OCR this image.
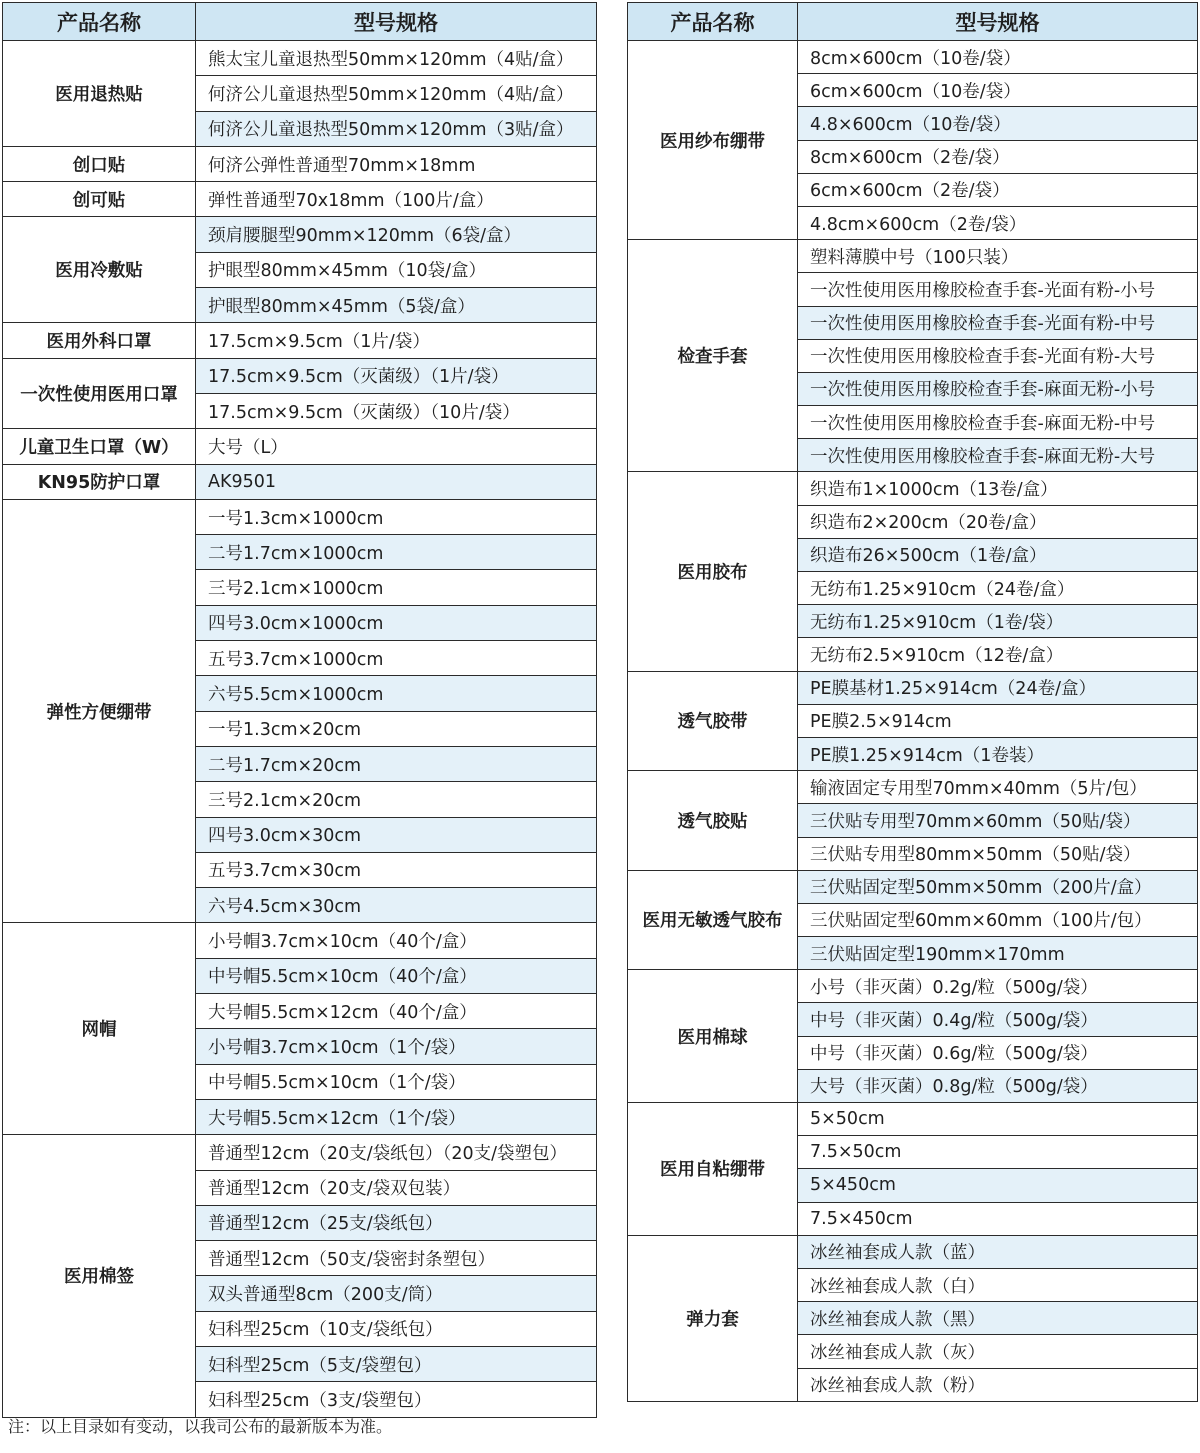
产品名称	型号规格
医用退热贴	熊太宝儿童退热型50mm×120mm（4贴/盒）
	何济公儿童退热型50mm×120mm（4贴/盒）
	何济公儿童退热型50mm×120mm（3贴/盒）
创口贴	何济公弹性普通型70mm×18mm
创可贴	弹性普通型70x18mm（100片/盒）
医用冷敷贴	颈肩腰腿型90mm×120mm（6袋/盒）
	护眼型80mm×45mm（10袋/盒）
	护眼型80mm×45mm（5袋/盒）
医用外科口罩	17.5cm×9.5cm（1片/袋）
一次性使用医用口罩	17.5cm×9.5cm（灭菌级）（1片/袋）
	17.5cm×9.5cm（灭菌级）（10片/袋）
儿童卫生口罩（W）	大号（L）
KN95防护口罩	AK9501
弹性方便绷带	一号1.3cm×1000cm
	二号1.7cm×1000cm
	三号2.1cm×1000cm
	四号3.0cm×1000cm
	五号3.7cm×1000cm
	六号5.5cm×1000cm
	一号1.3cm×20cm
	二号1.7cm×20cm
	三号2.1cm×20cm
	四号3.0cm×30cm
	五号3.7cm×30cm
	六号4.5cm×30cm
网帽	小号帽3.7cm×10cm（40个/盒）
	中号帽5.5cm×10cm（40个/盒）
	大号帽5.5cm×12cm（40个/盒）
	小号帽3.7cm×10cm（1个/袋）
	中号帽5.5cm×10cm（1个/袋）
	大号帽5.5cm×12cm（1个/袋）
医用棉签	普通型12cm（20支/袋纸包）（20支/袋塑包）
	普通型12cm（20支/袋双包装）
	普通型12cm（25支/袋纸包）
	普通型12cm（50支/袋密封条塑包）
	双头普通型8cm（200支/筒）
	妇科型25cm（10支/袋纸包）
	妇科型25cm（5支/袋塑包）
	妇科型25cm（3支/袋塑包）
产品名称	型号规格
医用纱布绷带	8cm×600cm（10卷/袋）
	6cm×600cm（10卷/袋）
	4.8×600cm（10卷/袋）
	8cm×600cm（2卷/袋）
	6cm×600cm（2卷/袋）
	4.8cm×600cm（2卷/袋）
检查手套	塑料薄膜中号（100只装）
	一次性使用医用橡胶检查手套-光面有粉-小号
	一次性使用医用橡胶检查手套-光面有粉-中号
	一次性使用医用橡胶检查手套-光面有粉-大号
	一次性使用医用橡胶检查手套-麻面无粉-小号
	一次性使用医用橡胶检查手套-麻面无粉-中号
	一次性使用医用橡胶检查手套-麻面无粉-大号
医用胶布	织造布1×1000cm（13卷/盒）
	织造布2×200cm（20卷/盒）
	织造布26×500cm（1卷/盒）
	无纺布1.25×910cm（24卷/盒）
	无纺布1.25×910cm（1卷/袋）
	无纺布2.5×910cm（12卷/盒）
透气胶带	PE膜基材1.25×914cm（24卷/盒）
	PE膜2.5×914cm
	PE膜1.25×914cm（1卷装）
透气胶贴	输液固定专用型70mm×40mm（5片/包）
	三伏贴专用型70mm×60mm（50贴/袋）
	三伏贴专用型80mm×50mm（50贴/袋）
医用无敏透气胶布	三伏贴固定型50mm×50mm（200片/盒）
	三伏贴固定型60mm×60mm（100片/包）
	三伏贴固定型190mm×170mm
医用棉球	小号（非灭菌）0.2g/粒（500g/袋）
	中号（非灭菌）0.4g/粒（500g/袋）
	中号（非灭菌）0.6g/粒（500g/袋）
	大号（非灭菌）0.8g/粒（500g/袋）
医用自粘绷带	5×50cm
	7.5×50cm
	5×450cm
	7.5×450cm
弹力套	冰丝袖套成人款（蓝）
	冰丝袖套成人款（白）
	冰丝袖套成人款（黑）
	冰丝袖套成人款（灰）
	冰丝袖套成人款（粉）
注：以上目录如有变动，以我司公布的最新版本为准。
